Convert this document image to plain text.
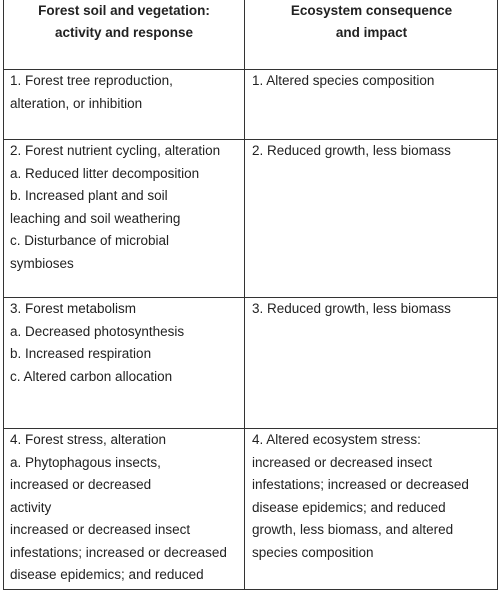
Forest soil and vegetation:
activity and response
Ecosystem consequence
and impact
1. Forest tree reproduction,
alteration, or inhibition
1. Altered species composition
2. Forest nutrient cycling, alteration
a. Reduced litter decomposition
b. Increased plant and soil
leaching and soil weathering
c. Disturbance of microbial
symbioses
2. Reduced growth, less biomass
3. Forest metabolism
a. Decreased photosynthesis
b. Increased respiration
c. Altered carbon allocation
3. Reduced growth, less biomass
4. Forest stress, alteration
a. Phytophagous insects,
increased or decreased
activity
increased or decreased insect
infestations; increased or decreased
disease epidemics; and reduced
4. Altered ecosystem stress:
increased or decreased insect
infestations; increased or decreased
disease epidemics; and reduced
growth, less biomass, and altered
species composition
